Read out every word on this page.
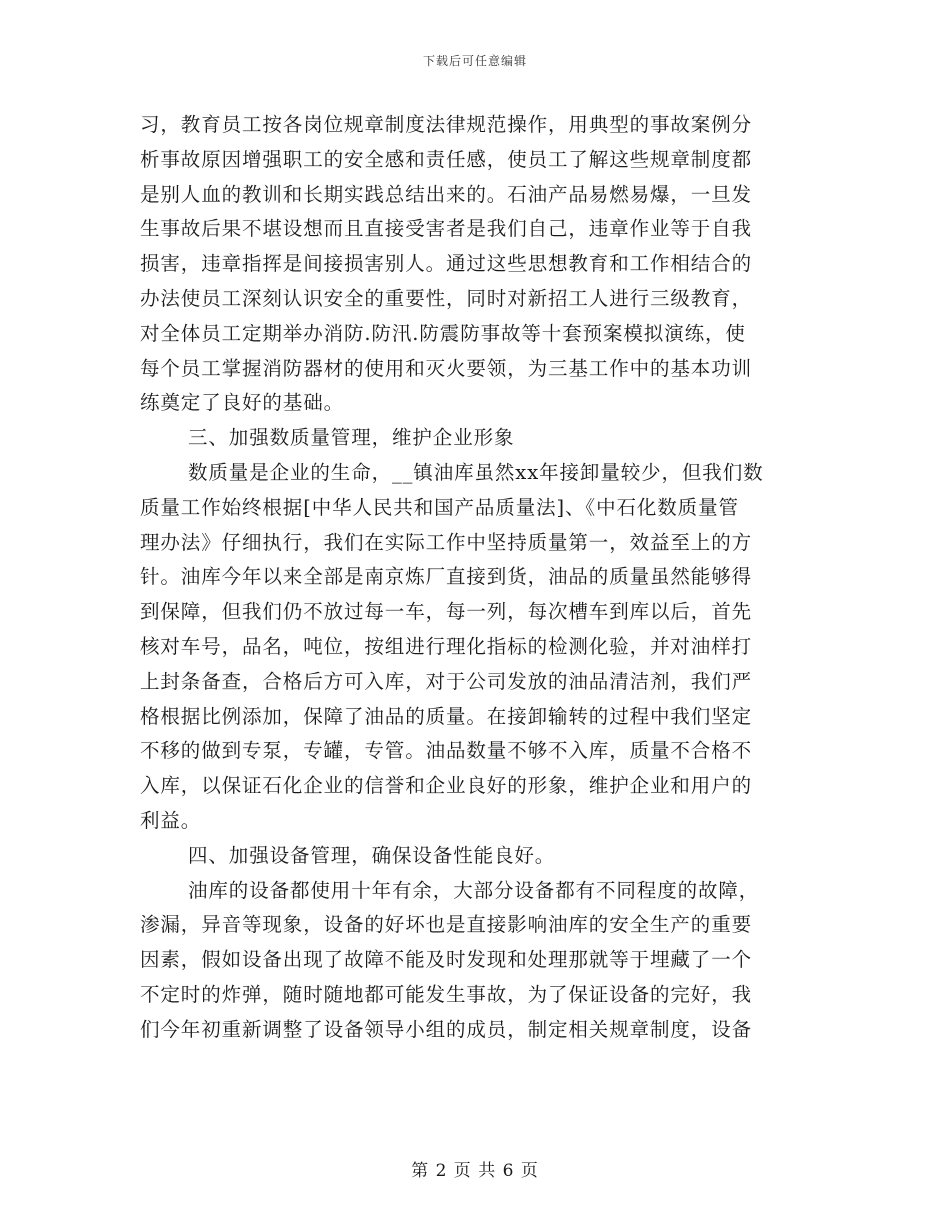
下载后可任意编辑
习，教育员工按各岗位规章制度法律规范操作，用典型的事故案例分
析事故原因增强职工的安全感和责任感，使员工了解这些规章制度都
是别人血的教训和长期实践总结出来的。石油产品易燃易爆，一旦发
生事故后果不堪设想而且直接受害者是我们自己，违章作业等于自我
损害，违章指挥是间接损害别人。通过这些思想教育和工作相结合的
办法使员工深刻认识安全的重要性，同时对新招工人进行三级教育，
对全体员工定期举办消防.防汛.防震防事故等十套预案模拟演练，使
每个员工掌握消防器材的使用和灭火要领，为三基工作中的基本功训
练奠定了良好的基础。
三、加强数质量管理，维护企业形象
数质量是企业的生命，__镇油库虽然xx年接卸量较少，但我们数
质量工作始终根据[中华人民共和国产品质量法]、《中石化数质量管
理办法》仔细执行，我们在实际工作中坚持质量第一，效益至上的方
针。油库今年以来全部是南京炼厂直接到货，油品的质量虽然能够得
到保障，但我们仍不放过每一车，每一列，每次槽车到库以后，首先
核对车号，品名，吨位，按组进行理化指标的检测化验，并对油样打
上封条备查，合格后方可入库，对于公司发放的油品清洁剂，我们严
格根据比例添加，保障了油品的质量。在接卸输转的过程中我们坚定
不移的做到专泵，专罐，专管。油品数量不够不入库，质量不合格不
入库，以保证石化企业的信誉和企业良好的形象，维护企业和用户的
利益。
四、加强设备管理，确保设备性能良好。
油库的设备都使用十年有余，大部分设备都有不同程度的故障，
渗漏，异音等现象，设备的好坏也是直接影响油库的安全生产的重要
因素，假如设备出现了故障不能及时发现和处理那就等于埋藏了一个
不定时的炸弹，随时随地都可能发生事故，为了保证设备的完好，我
们今年初重新调整了设备领导小组的成员，制定相关规章制度，设备
第 2 页 共 6 页
